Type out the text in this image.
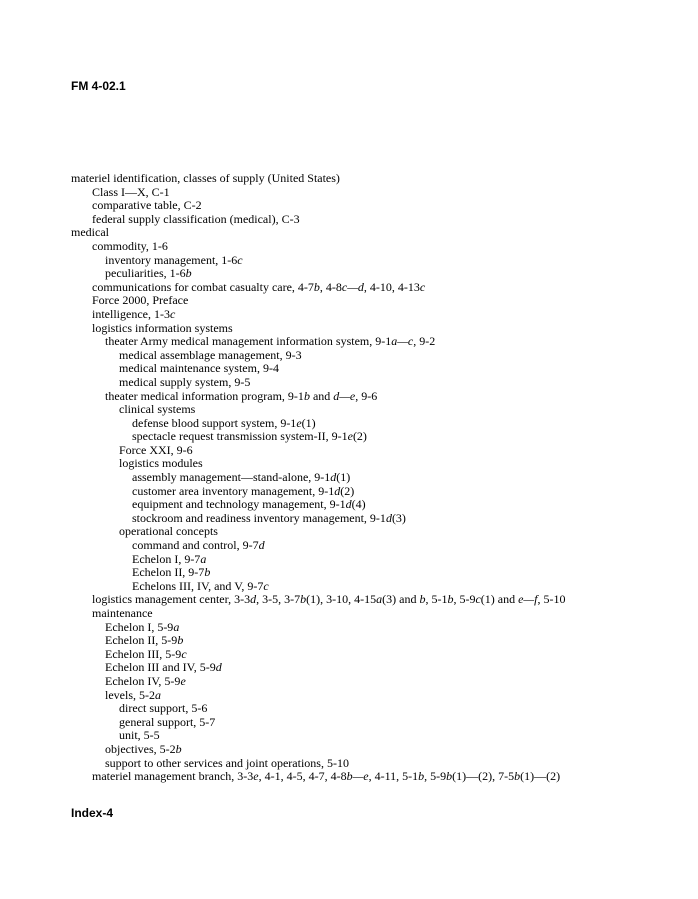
FM 4-02.1
materiel identification, classes of supply (United States)
Class I—X, C-1
comparative table, C-2
federal supply classification (medical), C-3
medical
commodity, 1-6
inventory management, 1-6c
peculiarities, 1-6b
communications for combat casualty care, 4-7b, 4-8c—d, 4-10, 4-13c
Force 2000, Preface
intelligence, 1-3c
logistics information systems
theater Army medical management information system, 9-1a—c, 9-2
medical assemblage management, 9-3
medical maintenance system, 9-4
medical supply system, 9-5
theater medical information program, 9-1b and d—e, 9-6
clinical systems
defense blood support system, 9-1e(1)
spectacle request transmission system-II, 9-1e(2)
Force XXI, 9-6
logistics modules
assembly management—stand-alone, 9-1d(1)
customer area inventory management, 9-1d(2)
equipment and technology management, 9-1d(4)
stockroom and readiness inventory management, 9-1d(3)
operational concepts
command and control, 9-7d
Echelon I, 9-7a
Echelon II, 9-7b
Echelons III, IV, and V, 9-7c
logistics management center, 3-3d, 3-5, 3-7b(1), 3-10, 4-15a(3) and b, 5-1b, 5-9c(1) and e—f, 5-10
maintenance
Echelon I, 5-9a
Echelon II, 5-9b
Echelon III, 5-9c
Echelon III and IV, 5-9d
Echelon IV, 5-9e
levels, 5-2a
direct support, 5-6
general support, 5-7
unit, 5-5
objectives, 5-2b
support to other services and joint operations, 5-10
materiel management branch, 3-3e, 4-1, 4-5, 4-7, 4-8b—e, 4-11, 5-1b, 5-9b(1)—(2), 7-5b(1)—(2)
Index-4
